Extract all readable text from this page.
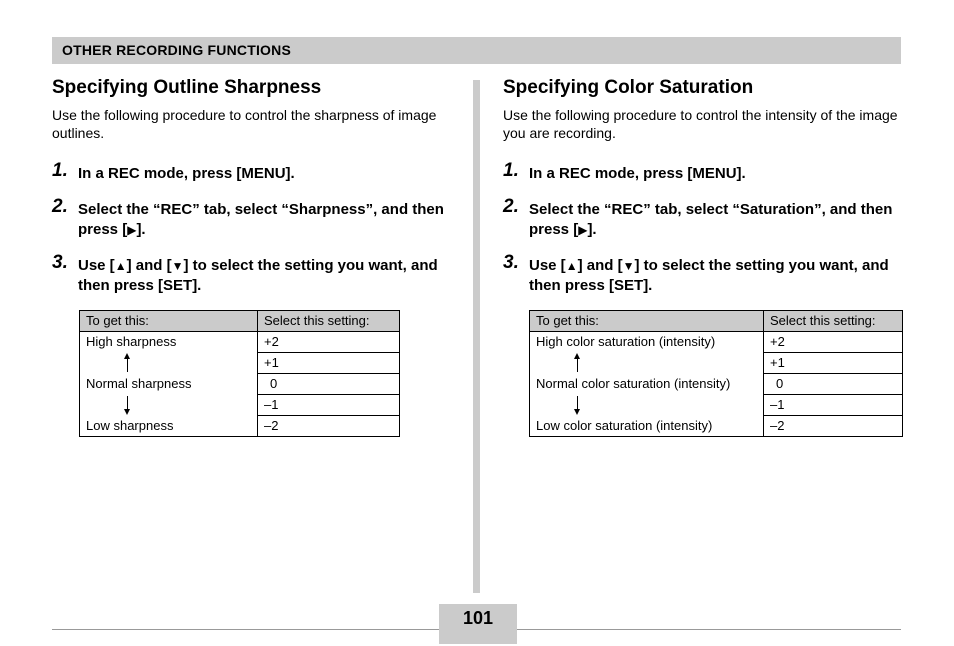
OTHER RECORDING FUNCTIONS
Specifying Outline Sharpness

Use the following procedure to control the sharpness of image outlines.

1. In a REC mode, press [MENU].
2. Select the “REC” tab, select “Sharpness”, and then press [▶].
3. Use [▲] and [▼] to select the setting you want, and then press [SET].
To get this:	Select this setting:
High sharpness	+2

	+1
Normal sharpness	0

	–1
Low sharpness	–2
Specifying Color Saturation

Use the following procedure to control the intensity of the image you are recording.

1. In a REC mode, press [MENU].
2. Select the “REC” tab, select “Saturation”, and then press [▶].
3. Use [▲] and [▼] to select the setting you want, and then press [SET].
To get this:	Select this setting:
High color saturation (intensity)	+2

	+1
Normal color saturation (intensity)	0

	–1
Low color saturation (intensity)	–2
101
